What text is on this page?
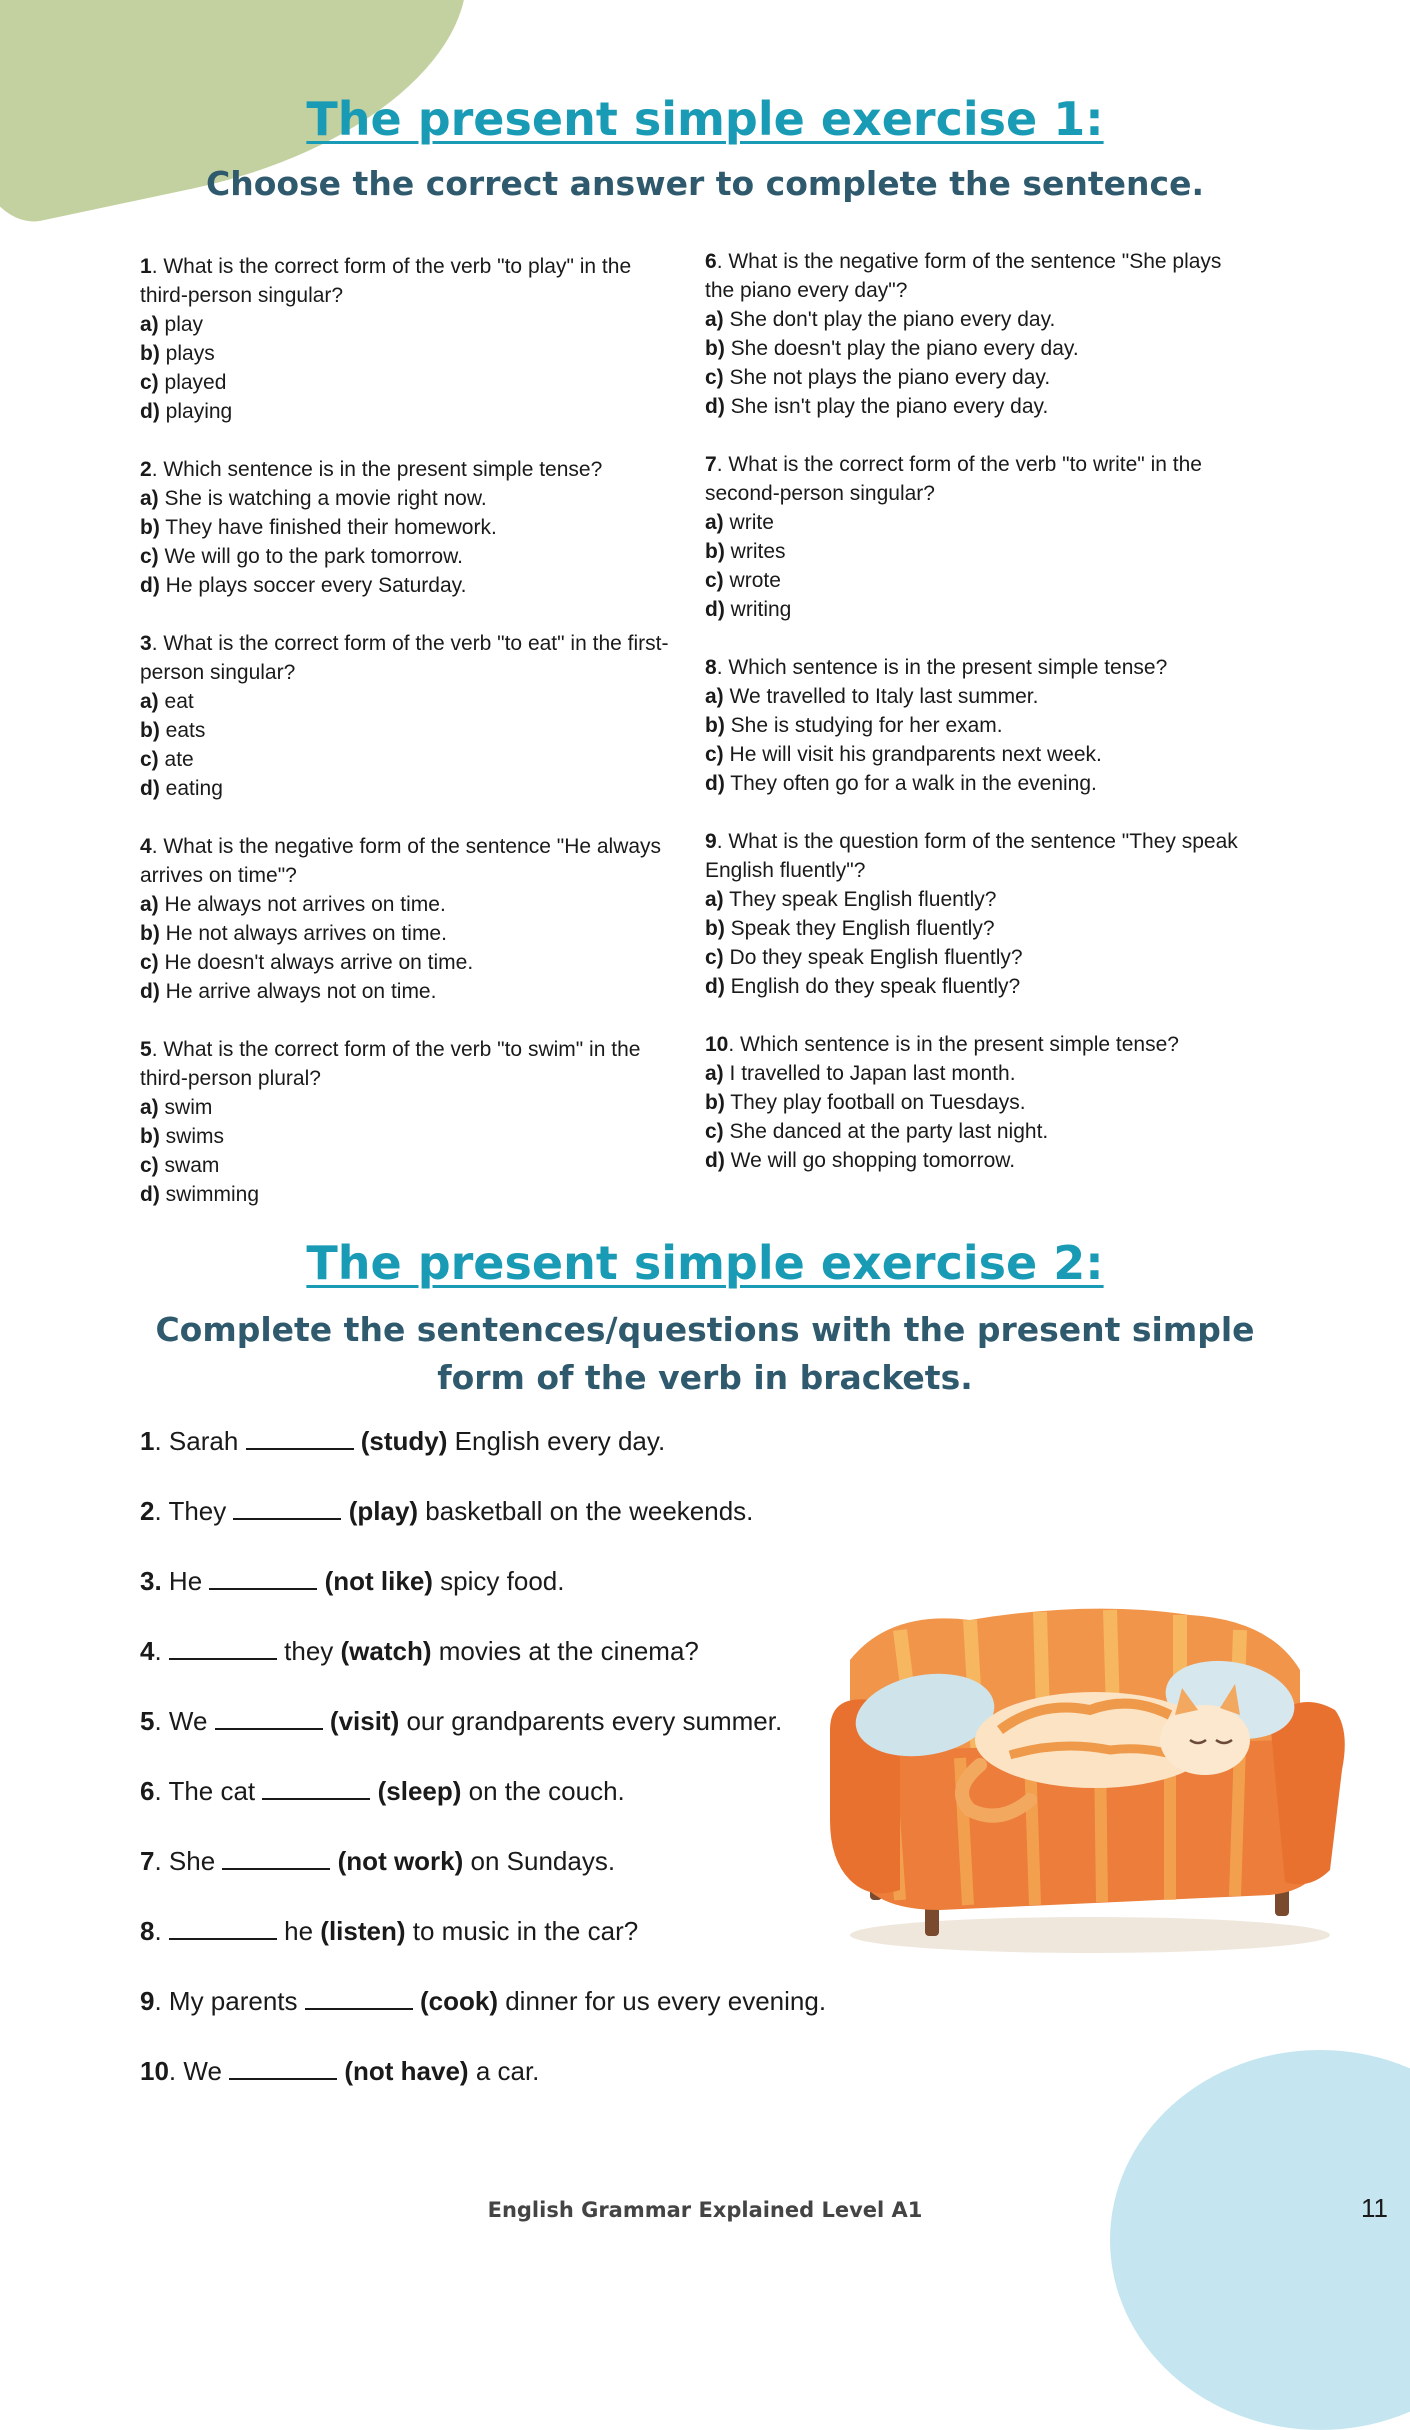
The present simple exercise 1:
Choose the correct answer to complete the sentence.
1. What is the correct form of the verb "to play" in the third-person singular?
a) play
b) plays
c) played
d) playing
2. Which sentence is in the present simple tense?
a) She is watching a movie right now.
b) They have finished their homework.
c) We will go to the park tomorrow.
d) He plays soccer every Saturday.
3. What is the correct form of the verb "to eat" in the first-person singular?
a) eat
b) eats
c) ate
d) eating
4. What is the negative form of the sentence "He always arrives on time"?
a) He always not arrives on time.
b) He not always arrives on time.
c) He doesn't always arrive on time.
d) He arrive always not on time.
5. What is the correct form of the verb "to swim" in the third-person plural?
a) swim
b) swims
c) swam
d) swimming
6. What is the negative form of the sentence "She plays the piano every day"?
a) She don't play the piano every day.
b) She doesn't play the piano every day.
c) She not plays the piano every day.
d) She isn't play the piano every day.
7. What is the correct form of the verb "to write" in the second-person singular?
a) write
b) writes
c) wrote
d) writing
8. Which sentence is in the present simple tense?
a) We travelled to Italy last summer.
b) She is studying for her exam.
c) He will visit his grandparents next week.
d) They often go for a walk in the evening.
9. What is the question form of the sentence "They speak English fluently"?
a) They speak English fluently?
b) Speak they English fluently?
c) Do they speak English fluently?
d) English do they speak fluently?
10. Which sentence is in the present simple tense?
a) I travelled to Japan last month.
b) They play football on Tuesdays.
c) She danced at the party last night.
d) We will go shopping tomorrow.
The present simple exercise 2:
Complete the sentences/questions with the present simple form of the verb in brackets.
1. Sarah	(study) English every day.
2. They	(play) basketball on the weekends.
3. He	(not like) spicy food.
4.	they (watch) movies at the cinema?
5. We	(visit) our grandparents every summer.
6. The cat	(sleep) on the couch.
7. She	(not work) on Sundays.
8.	he (listen) to music in the car?
9. My parents	(cook) dinner for us every evening.
10. We	(not have) a car.
English Grammar Explained Level A1	11
